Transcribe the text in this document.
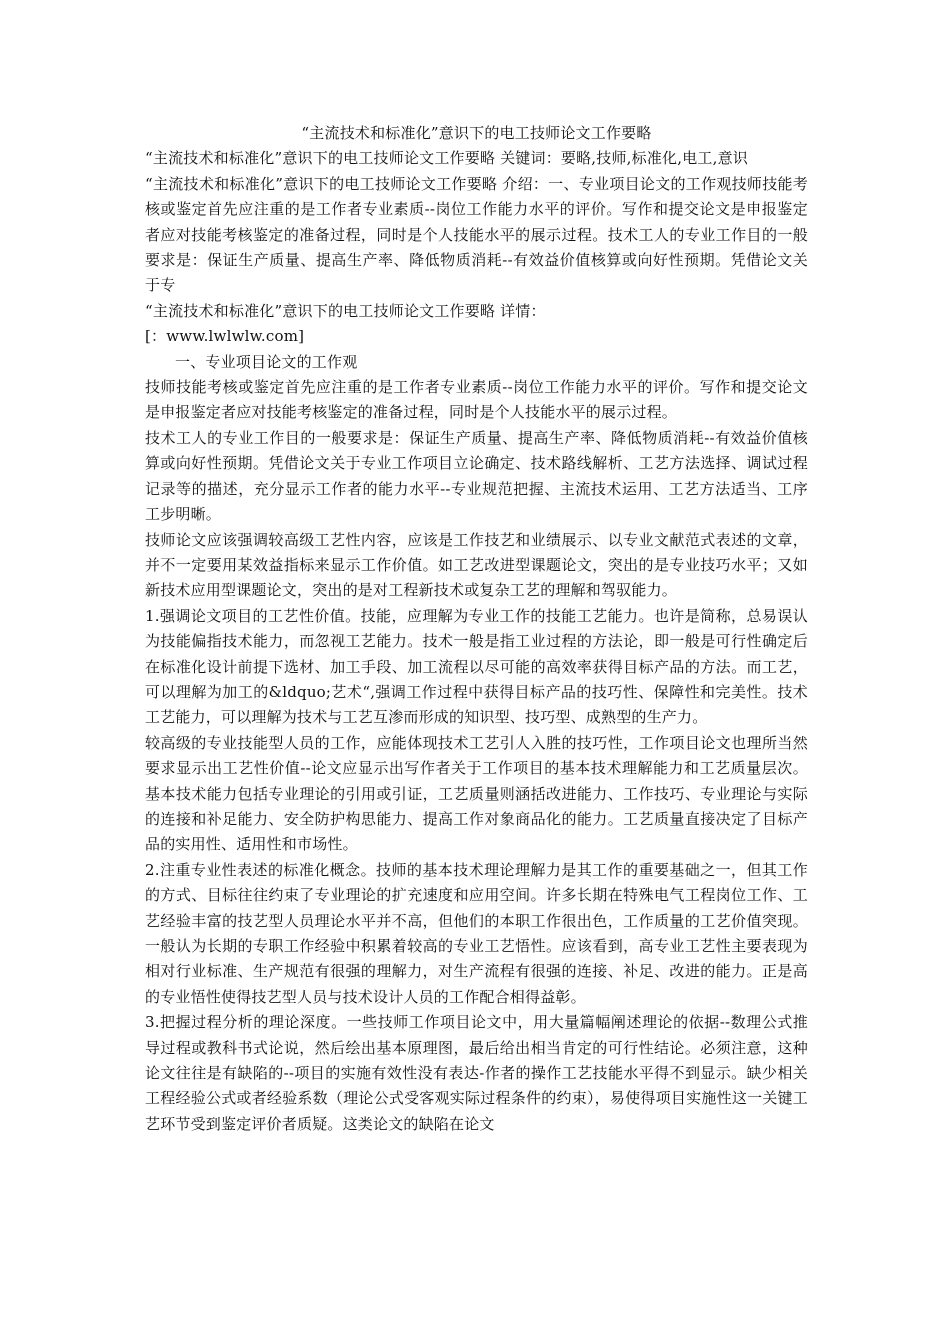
“主流技术和标准化”意识下的电工技师论文工作要略

“主流技术和标准化”意识下的电工技师论文工作要略 关键词：要略,技师,标准化,电工,意识

“主流技术和标准化”意识下的电工技师论文工作要略 介绍：一、专业项目论文的工作观技师技能考核或鉴定首先应注重的是工作者专业素质--岗位工作能力水平的评价。写作和提交论文是申报鉴定者应对技能考核鉴定的准备过程，同时是个人技能水平的展示过程。技术工人的专业工作目的一般要求是：保证生产质量、提高生产率、降低物质消耗--有效益价值核算或向好性预期。凭借论文关于专

“主流技术和标准化”意识下的电工技师论文工作要略 详情：

[：www.lwlwlw.com]

一、专业项目论文的工作观

技师技能考核或鉴定首先应注重的是工作者专业素质--岗位工作能力水平的评价。写作和提交论文是申报鉴定者应对技能考核鉴定的准备过程，同时是个人技能水平的展示过程。

技术工人的专业工作目的一般要求是：保证生产质量、提高生产率、降低物质消耗--有效益价值核算或向好性预期。凭借论文关于专业工作项目立论确定、技术路线解析、工艺方法选择、调试过程记录等的描述，充分显示工作者的能力水平--专业规范把握、主流技术运用、工艺方法适当、工序工步明晰。

技师论文应该强调较高级工艺性内容，应该是工作技艺和业绩展示、以专业文献范式表述的文章，并不一定要用某效益指标来显示工作价值。如工艺改进型课题论文，突出的是专业技巧水平；又如新技术应用型课题论文，突出的是对工程新技术或复杂工艺的理解和驾驭能力。

1.强调论文项目的工艺性价值。技能，应理解为专业工作的技能工艺能力。也许是简称，总易误认为技能偏指技术能力，而忽视工艺能力。技术一般是指工业过程的方法论，即一般是可行性确定后在标准化设计前提下选材、加工手段、加工流程以尽可能的高效率获得目标产品的方法。而工艺，可以理解为加工的&ldquo;艺术“,强调工作过程中获得目标产品的技巧性、保障性和完美性。技术工艺能力，可以理解为技术与工艺互渗而形成的知识型、技巧型、成熟型的生产力。

较高级的专业技能型人员的工作，应能体现技术工艺引人入胜的技巧性，工作项目论文也理所当然要求显示出工艺性价值--论文应显示出写作者关于工作项目的基本技术理解能力和工艺质量层次。基本技术能力包括专业理论的引用或引证，工艺质量则涵括改进能力、工作技巧、专业理论与实际的连接和补足能力、安全防护构思能力、提高工作对象商品化的能力。工艺质量直接决定了目标产品的实用性、适用性和市场性。

2.注重专业性表述的标准化概念。技师的基本技术理论理解力是其工作的重要基础之一，但其工作的方式、目标往往约束了专业理论的扩充速度和应用空间。许多长期在特殊电气工程岗位工作、工艺经验丰富的技艺型人员理论水平并不高，但他们的本职工作很出色，工作质量的工艺价值突现。一般认为长期的专职工作经验中积累着较高的专业工艺悟性。应该看到，高专业工艺性主要表现为相对行业标准、生产规范有很强的理解力，对生产流程有很强的连接、补足、改进的能力。正是高的专业悟性使得技艺型人员与技术设计人员的工作配合相得益彰。

3.把握过程分析的理论深度。一些技师工作项目论文中，用大量篇幅阐述理论的依据--数理公式推导过程或教科书式论说，然后绘出基本原理图，最后给出相当肯定的可行性结论。必须注意，这种论文往往是有缺陷的--项目的实施有效性没有表达-作者的操作工艺技能水平得不到显示。缺少相关工程经验公式或者经验系数（理论公式受客观实际过程条件的约束），易使得项目实施性这一关键工艺环节受到鉴定评价者质疑。这类论文的缺陷在论文
